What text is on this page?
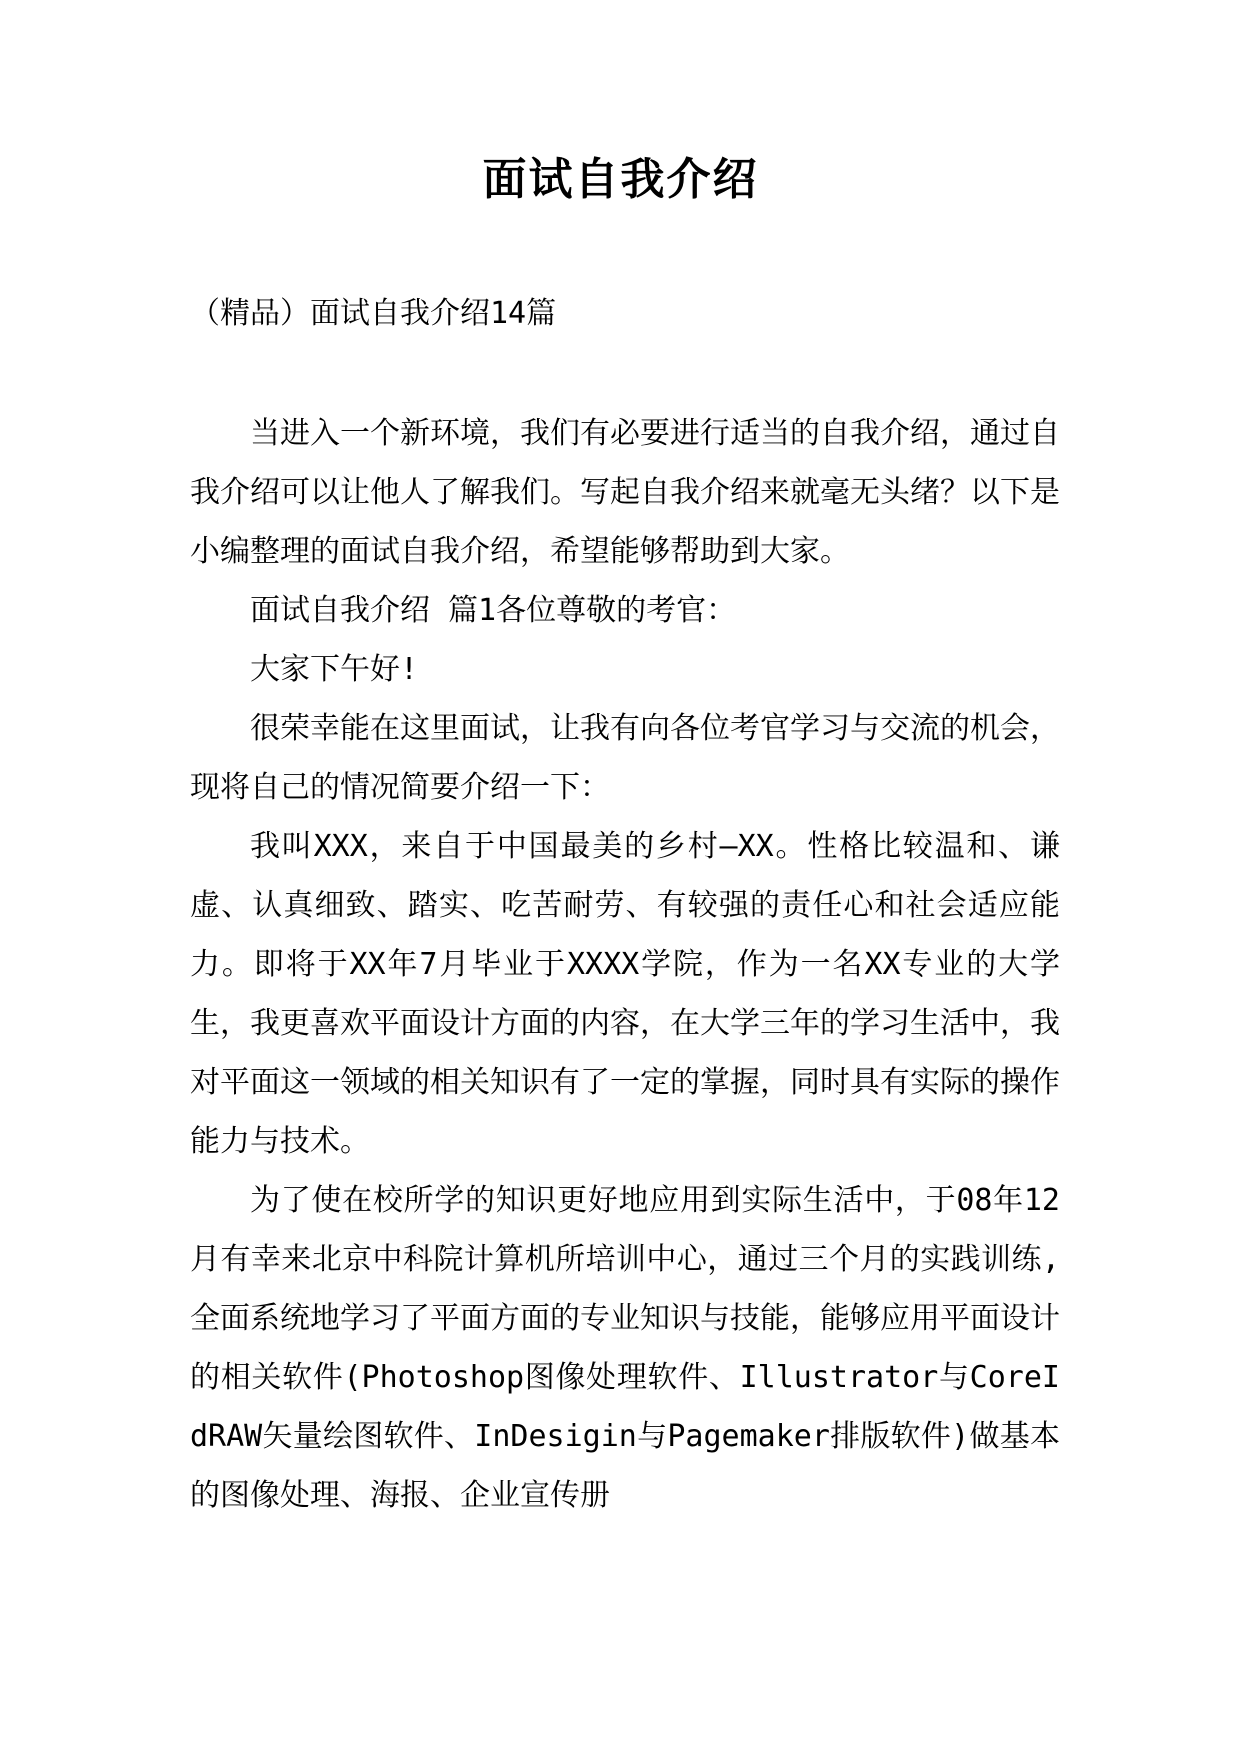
面试自我介绍
（精品）面试自我介绍14篇

当进入一个新环境，我们有必要进行适当的自我介绍，通过自我介绍可以让他人了解我们。写起自我介绍来就毫无头绪？以下是小编整理的面试自我介绍，希望能够帮助到大家。

面试自我介绍 篇1各位尊敬的考官：

大家下午好!

很荣幸能在这里面试，让我有向各位考官学习与交流的机会，现将自己的情况简要介绍一下：

我叫XXX，来自于中国最美的乡村—XX。性格比较温和、谦虚、认真细致、踏实、吃苦耐劳、有较强的责任心和社会适应能力。即将于XX年7月毕业于XXXX学院，作为一名XX专业的大学生，我更喜欢平面设计方面的内容，在大学三年的学习生活中，我对平面这一领域的相关知识有了一定的掌握，同时具有实际的操作能力与技术。

为了使在校所学的知识更好地应用到实际生活中，于08年12月有幸来北京中科院计算机所培训中心，通过三个月的实践训练,全面系统地学习了平面方面的专业知识与技能，能够应用平面设计的相关软件(Photoshop图像处理软件、Illustrator与CoreIdRAW矢量绘图软件、InDesigin与Pagemaker排版软件)做基本的图像处理、海报、企业宣传册
